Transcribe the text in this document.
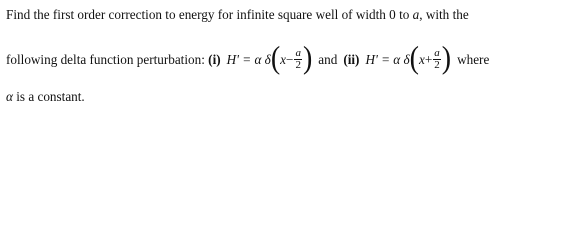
Find the first order correction to energy for infinite square well of width 0 to a, with the
following delta function perturbation: (i) H' = α $\delta(x- \frac{a}{2}$ ) and (ii) H' = α $\delta(x+ \frac{a}{2}$ ) where
α is a constant.
